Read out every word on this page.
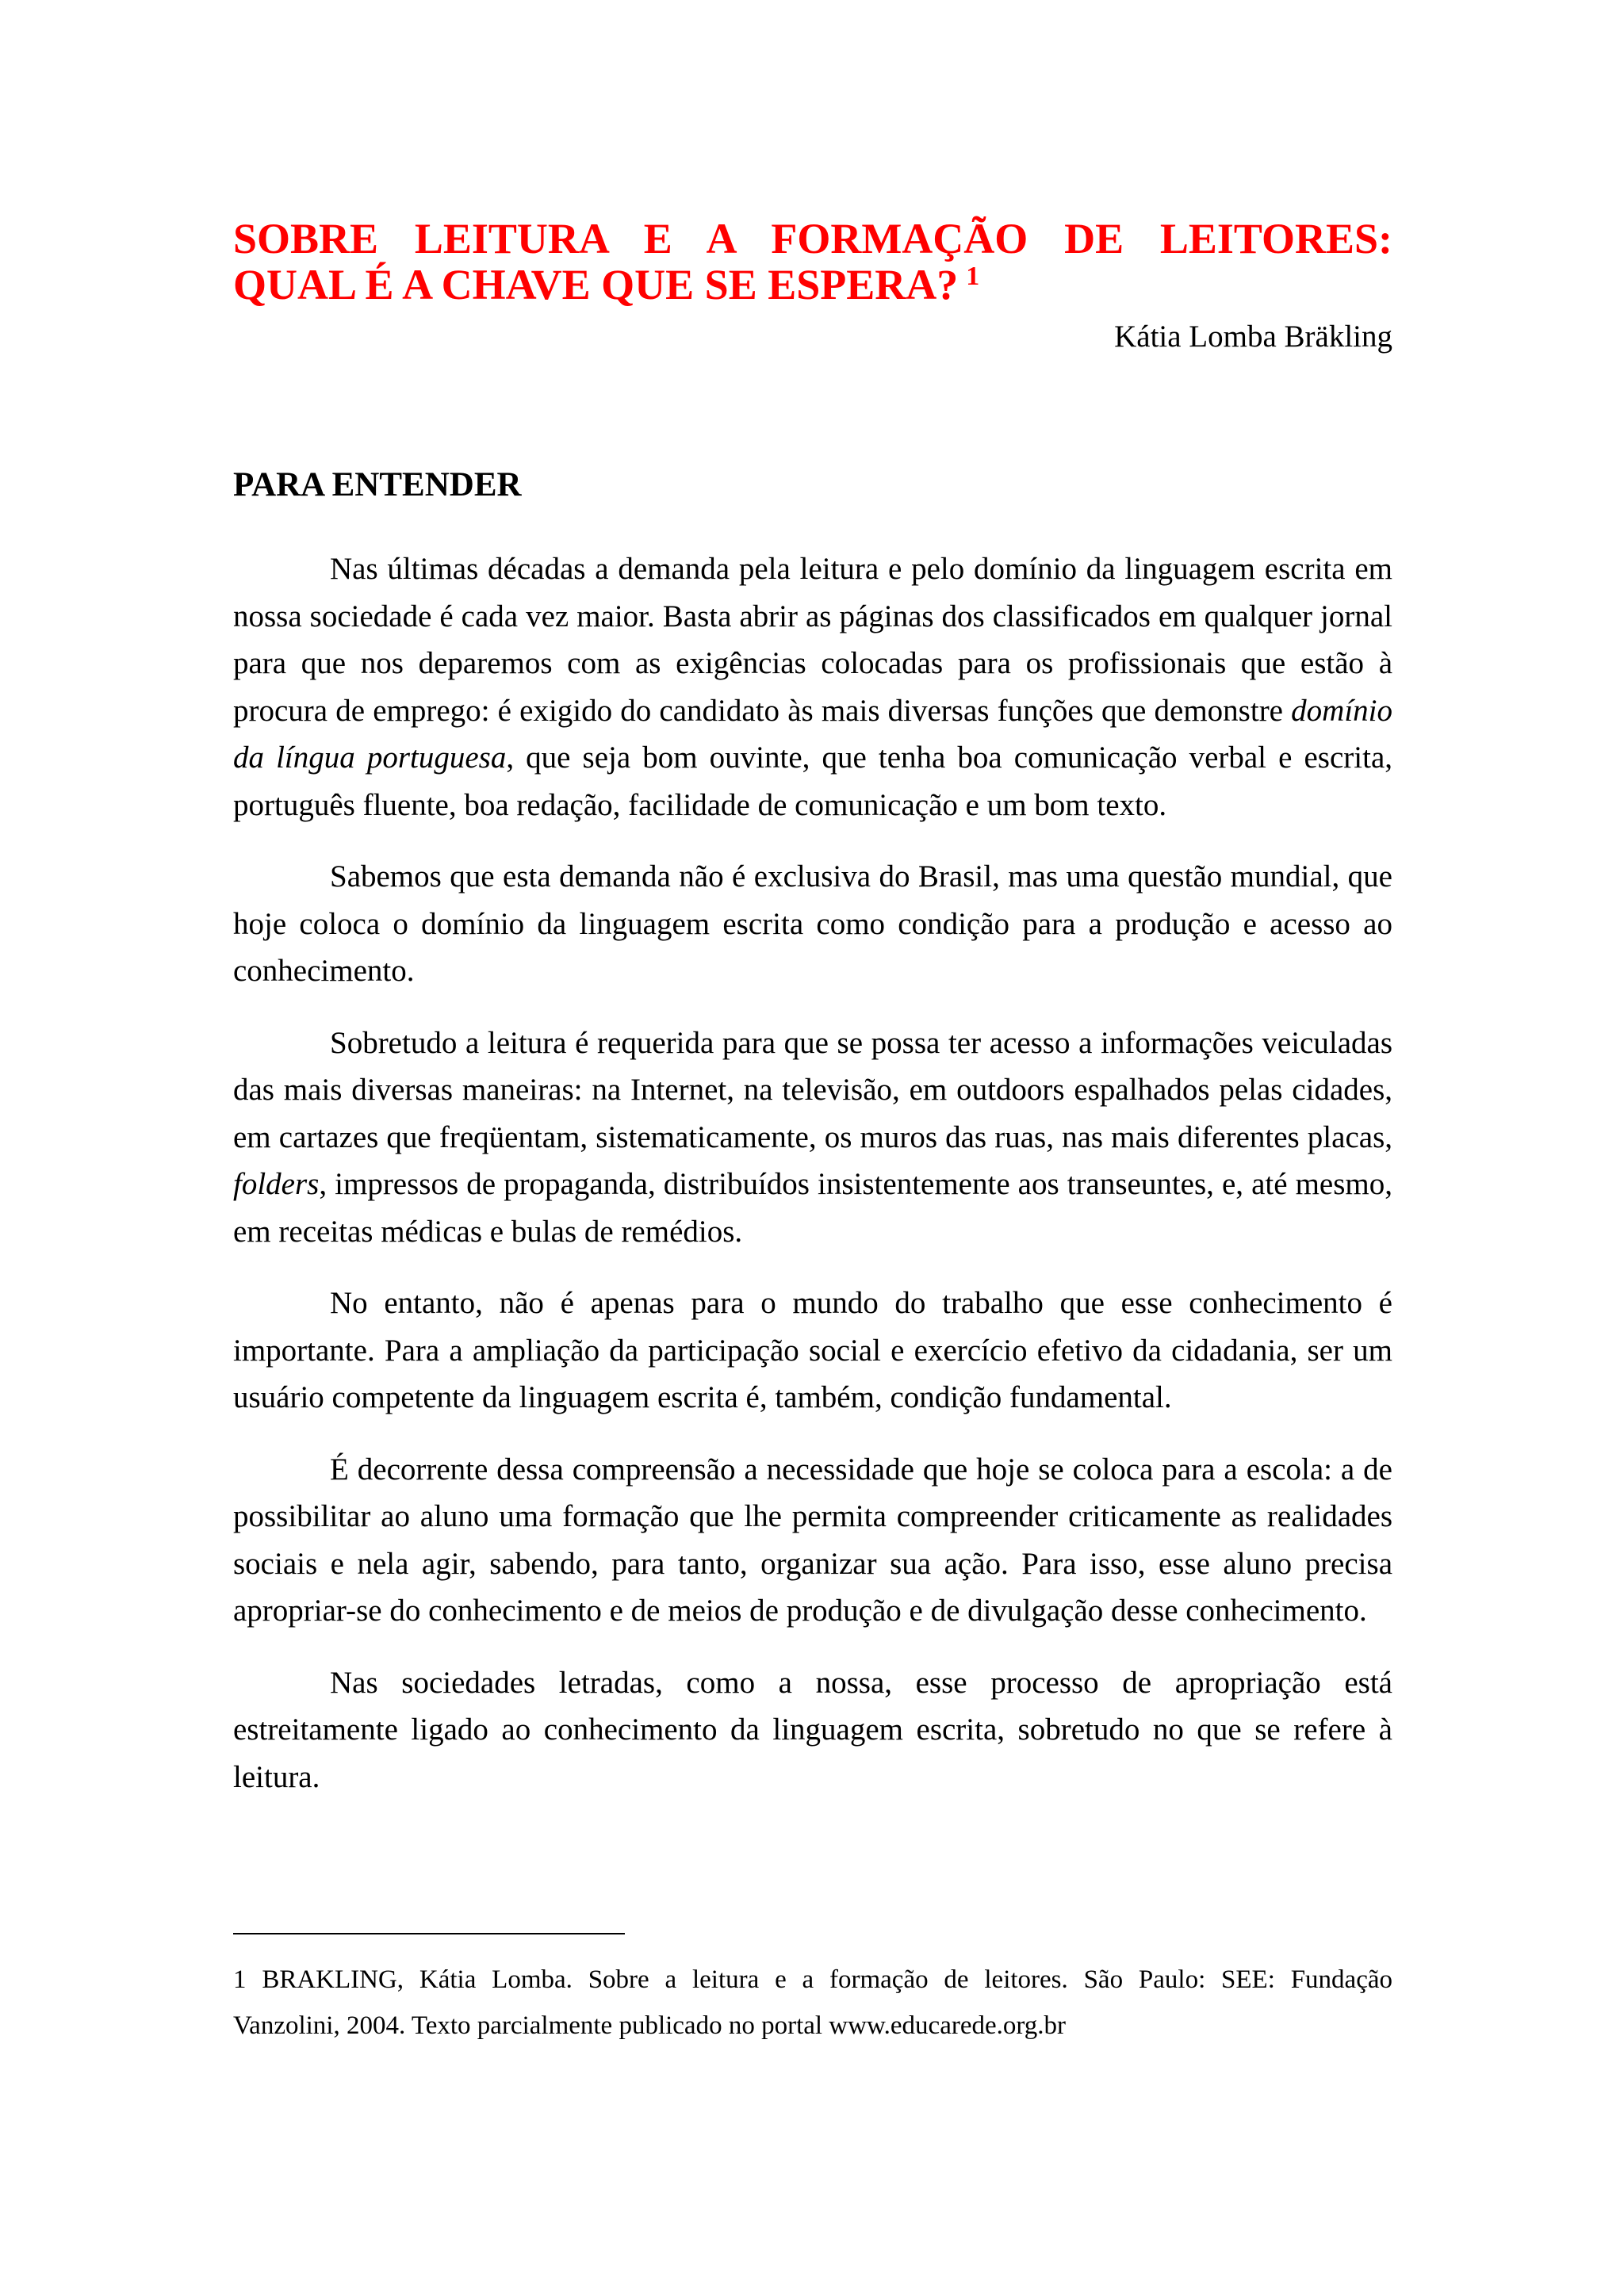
SOBRE LEITURA E A FORMAÇÃO DE LEITORES:
QUAL É A CHAVE QUE SE ESPERA? $^1$
Kátia Lomba Bräkling
PARA ENTENDER

Nas últimas décadas a demanda pela leitura e pelo domínio da linguagem escrita em nossa sociedade é cada vez maior. Basta abrir as páginas dos classificados em qualquer jornal para que nos deparemos com as exigências colocadas para os profissionais que estão à procura de emprego: é exigido do candidato às mais diversas funções que demonstre domínio da língua portuguesa, que seja bom ouvinte, que tenha boa comunicação verbal e escrita, português fluente, boa redação, facilidade de comunicação e um bom texto.

Sabemos que esta demanda não é exclusiva do Brasil, mas uma questão mundial, que hoje coloca o domínio da linguagem escrita como condição para a produção e acesso ao conhecimento.

Sobretudo a leitura é requerida para que se possa ter acesso a informações veiculadas das mais diversas maneiras: na Internet, na televisão, em outdoors espalhados pelas cidades, em cartazes que freqüentam, sistematicamente, os muros das ruas, nas mais diferentes placas, folders, impressos de propaganda, distribuídos insistentemente aos transeuntes, e, até mesmo, em receitas médicas e bulas de remédios.

No entanto, não é apenas para o mundo do trabalho que esse conhecimento é importante. Para a ampliação da participação social e exercício efetivo da cidadania, ser um usuário competente da linguagem escrita é, também, condição fundamental.

É decorrente dessa compreensão a necessidade que hoje se coloca para a escola: a de possibilitar ao aluno uma formação que lhe permita compreender criticamente as realidades sociais e nela agir, sabendo, para tanto, organizar sua ação. Para isso, esse aluno precisa apropriar-se do conhecimento e de meios de produção e de divulgação desse conhecimento.

Nas sociedades letradas, como a nossa, esse processo de apropriação está estreitamente ligado ao conhecimento da linguagem escrita, sobretudo no que se refere à leitura.

1 BRAKLING, Kátia Lomba. Sobre a leitura e a formação de leitores. São Paulo: SEE: Fundação
Vanzolini, 2004. Texto parcialmente publicado no portal www.educarede.org.br
